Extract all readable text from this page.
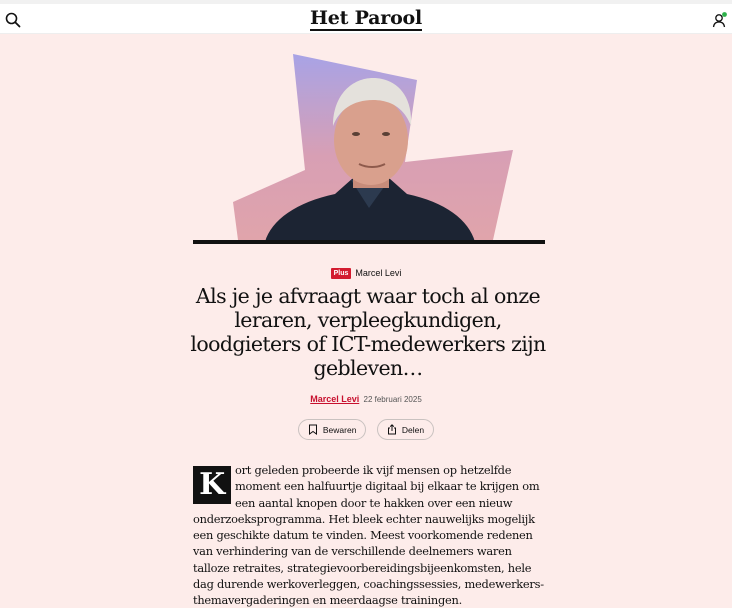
Het Parool
Plus Marcel Levi
Als je je afvraagt waar toch al onze leraren, verpleegkundigen, loodgieters of ICT-medewerkers zijn gebleven…
Marcel Levi 22 februari 2025
Bewaren
	Delen
K ort geleden probeerde ik vijf mensen op hetzelfde moment een halfuurtje digitaal bij elkaar te krijgen om een aantal knopen door te hakken over een nieuw onderzoeksprogramma. Het bleek echter nauwelijks mogelijk een geschikte datum te vinden. Meest voorkomende redenen van verhindering van de verschillende deelnemers waren talloze retraites, strategievoorbereidingsbijeenkomsten, hele dag durende werkoverleggen, coachingssessies, medewerkers-themavergaderingen en meerdaagse trainingen.
